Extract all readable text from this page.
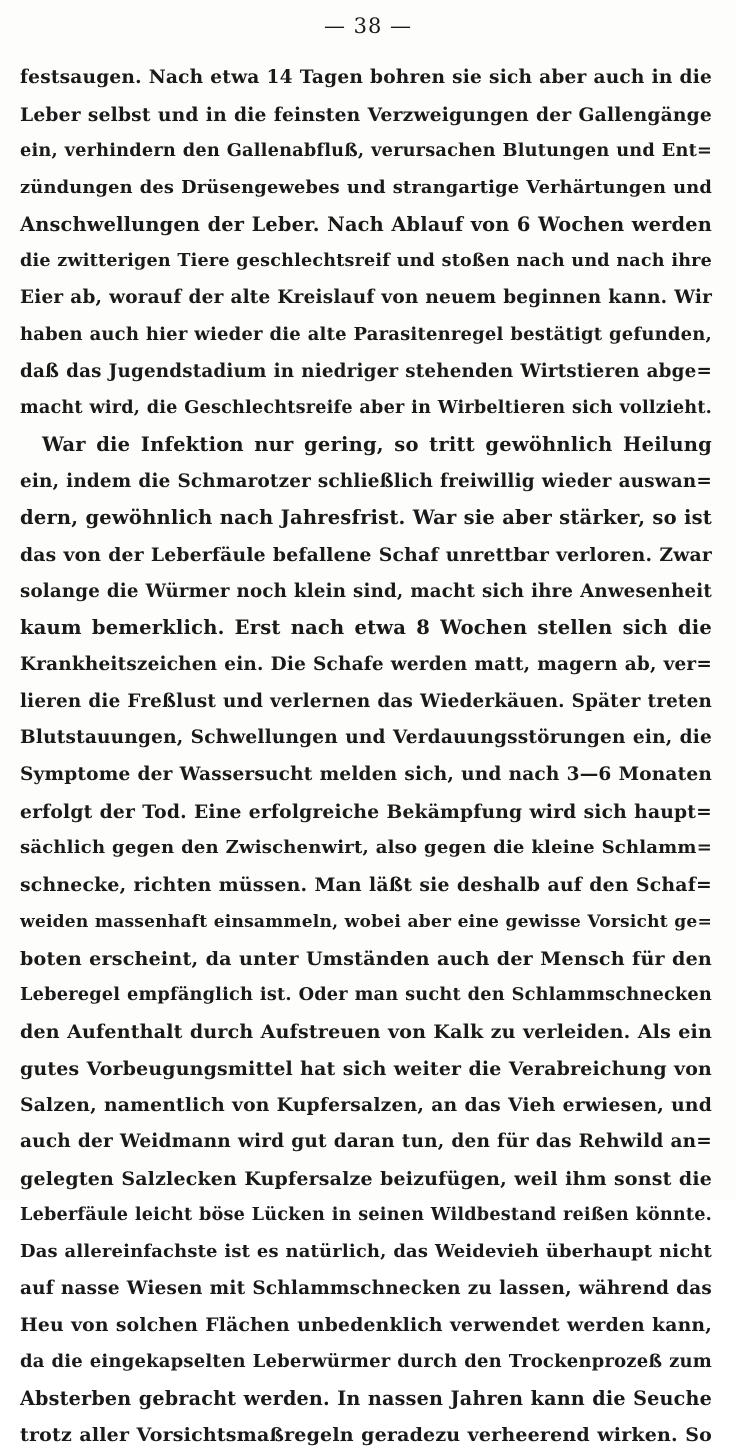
— 38 —
festsaugen. Nach etwa 14 Tagen bohren sie sich aber auch in die
Leber selbst und in die feinsten Verzweigungen der Gallengänge
ein, verhindern den Gallenabfluß, verursachen Blutungen und Ent=
zündungen des Drüsengewebes und strangartige Verhärtungen und
Anschwellungen der Leber. Nach Ablauf von 6 Wochen werden
die zwitterigen Tiere geschlechtsreif und stoßen nach und nach ihre
Eier ab, worauf der alte Kreislauf von neuem beginnen kann. Wir
haben auch hier wieder die alte Parasitenregel bestätigt gefunden,
daß das Jugendstadium in niedriger stehenden Wirtstieren abge=
macht wird, die Geschlechtsreife aber in Wirbeltieren sich vollzieht.
War die Infektion nur gering, so tritt gewöhnlich Heilung
ein, indem die Schmarotzer schließlich freiwillig wieder auswan=
dern, gewöhnlich nach Jahresfrist. War sie aber stärker, so ist
das von der Leberfäule befallene Schaf unrettbar verloren. Zwar
solange die Würmer noch klein sind, macht sich ihre Anwesenheit
kaum bemerklich. Erst nach etwa 8 Wochen stellen sich die
Krankheitszeichen ein. Die Schafe werden matt, magern ab, ver=
lieren die Freßlust und verlernen das Wiederkäuen. Später treten
Blutstauungen, Schwellungen und Verdauungsstörungen ein, die
Symptome der Wassersucht melden sich, und nach 3—6 Monaten
erfolgt der Tod. Eine erfolgreiche Bekämpfung wird sich haupt=
sächlich gegen den Zwischenwirt, also gegen die kleine Schlamm=
schnecke, richten müssen. Man läßt sie deshalb auf den Schaf=
weiden massenhaft einsammeln, wobei aber eine gewisse Vorsicht ge=
boten erscheint, da unter Umständen auch der Mensch für den
Leberegel empfänglich ist. Oder man sucht den Schlammschnecken
den Aufenthalt durch Aufstreuen von Kalk zu verleiden. Als ein
gutes Vorbeugungsmittel hat sich weiter die Verabreichung von
Salzen, namentlich von Kupfersalzen, an das Vieh erwiesen, und
auch der Weidmann wird gut daran tun, den für das Rehwild an=
gelegten Salzlecken Kupfersalze beizufügen, weil ihm sonst die
Leberfäule leicht böse Lücken in seinen Wildbestand reißen könnte.
Das allereinfachste ist es natürlich, das Weidevieh überhaupt nicht
auf nasse Wiesen mit Schlammschnecken zu lassen, während das
Heu von solchen Flächen unbedenklich verwendet werden kann,
da die eingekapselten Leberwürmer durch den Trockenprozeß zum
Absterben gebracht werden. In nassen Jahren kann die Seuche
trotz aller Vorsichtsmaßregeln geradezu verheerend wirken. So
